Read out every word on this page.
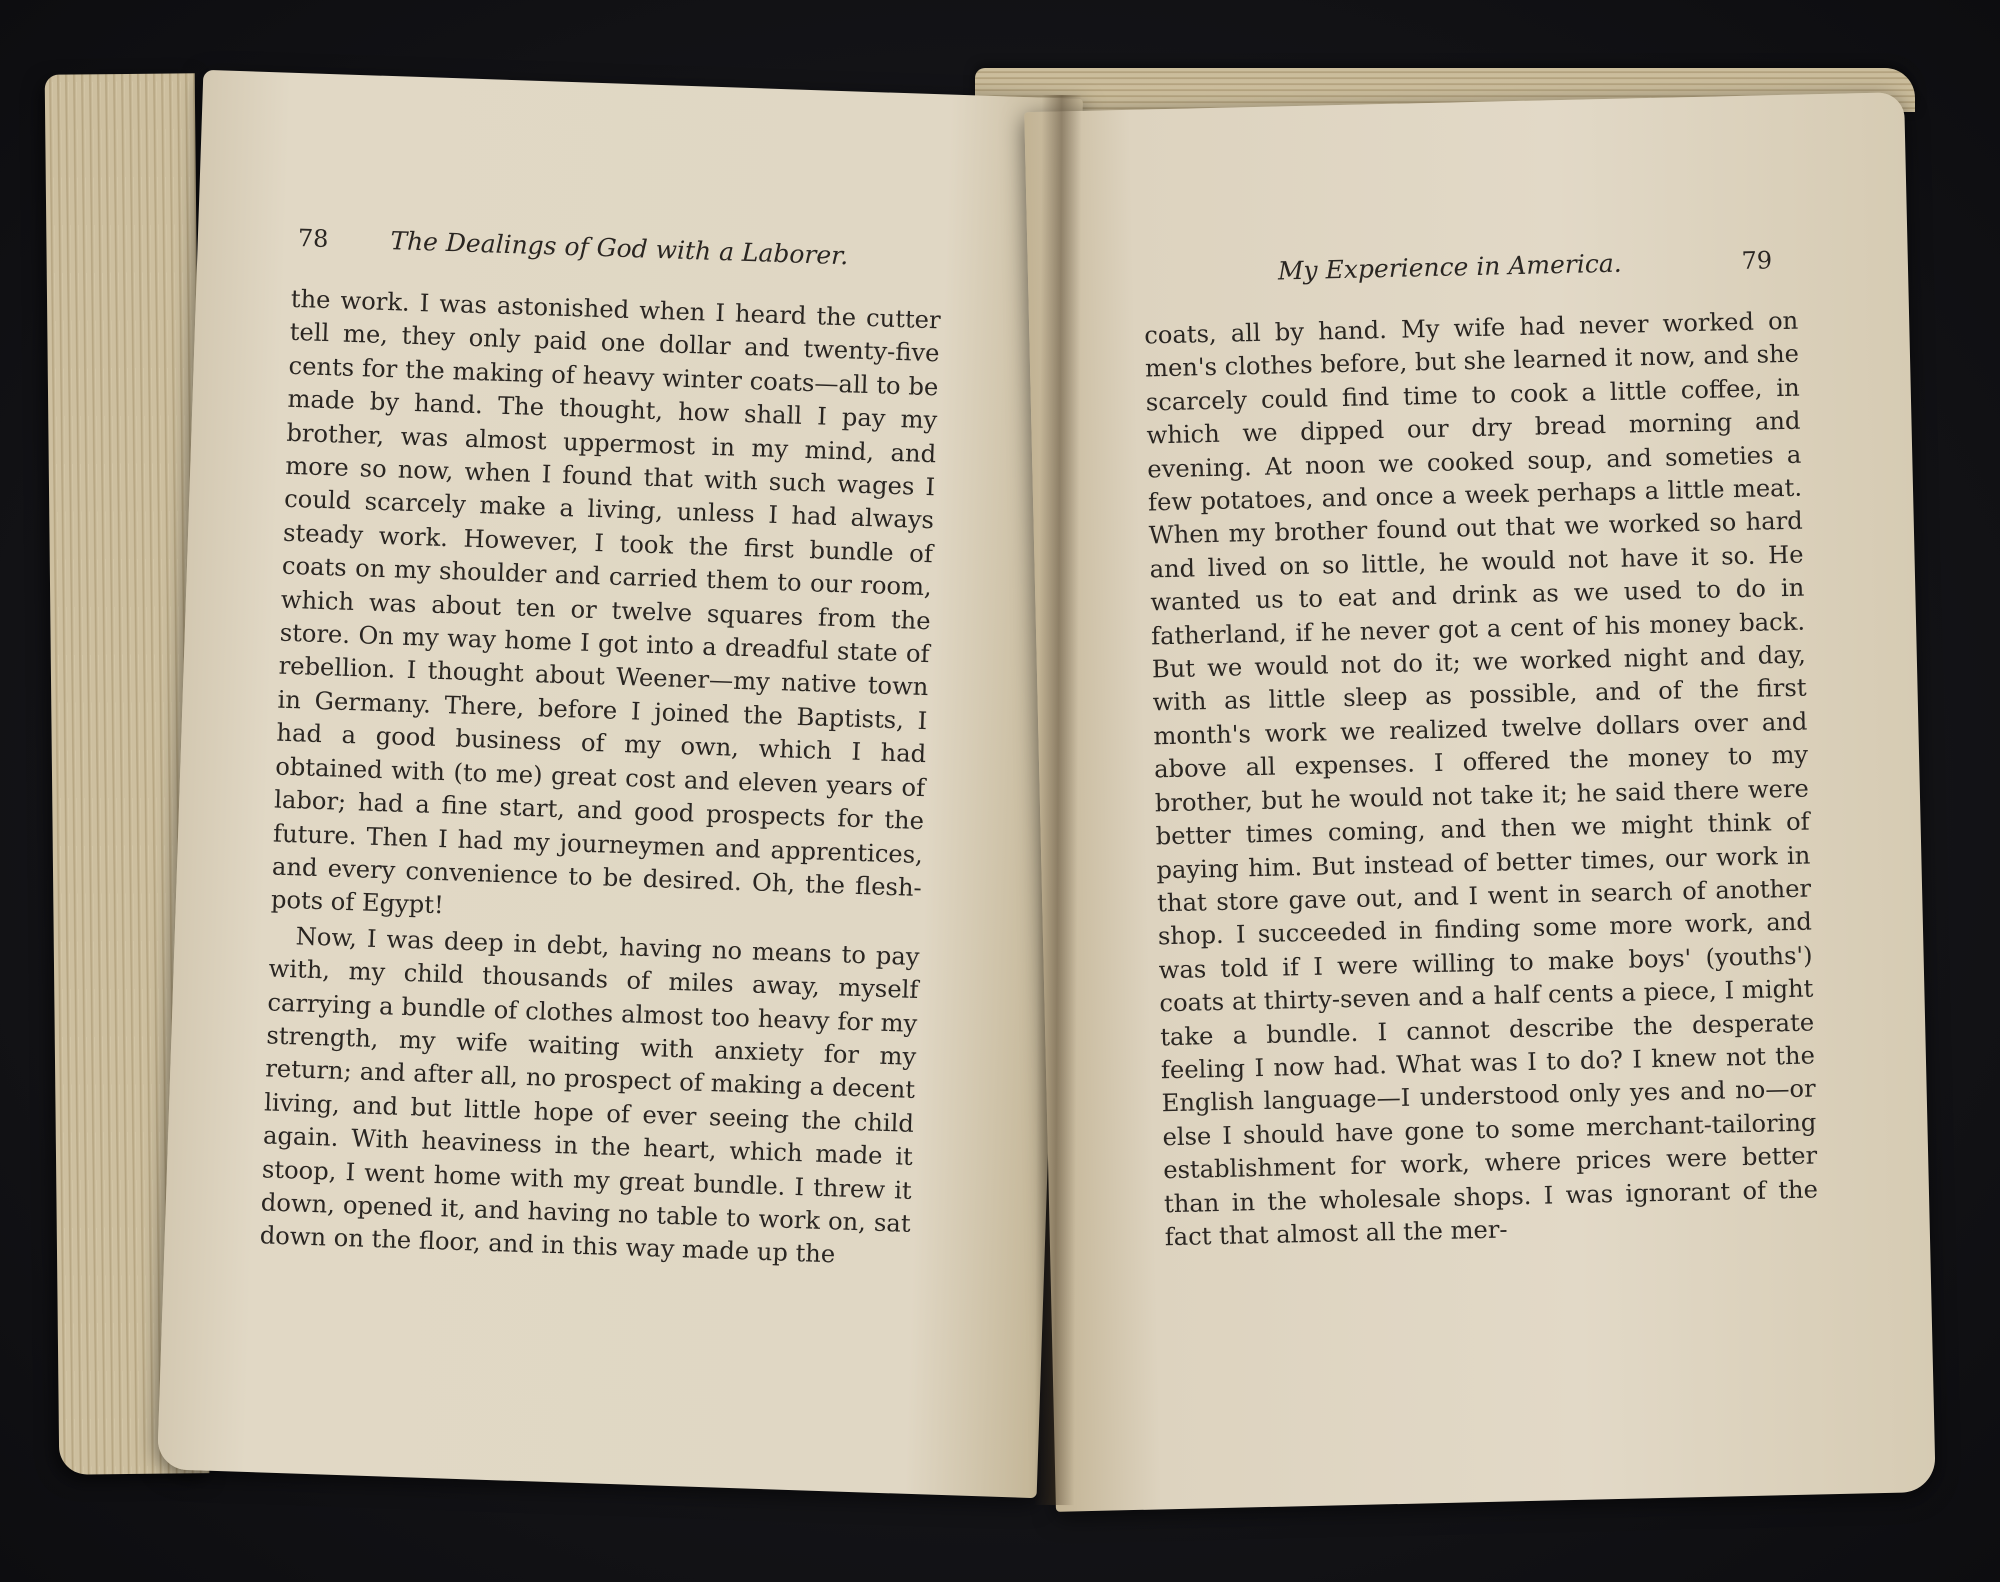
78 The Dealings of God with a Laborer.

the work. I was astonished when I heard the cutter tell me, they only paid one dollar and twenty-five cents for the making of heavy winter coats—all to be made by hand. The thought, how shall I pay my brother, was almost uppermost in my mind, and more so now, when I found that with such wages I could scarcely make a living, unless I had always steady work. However, I took the first bundle of coats on my shoulder and carried them to our room, which was about ten or twelve squares from the store. On my way home I got into a dreadful state of rebellion. I thought about Weener—my native town in Germany. There, before I joined the Baptists, I had a good business of my own, which I had obtained with (to me) great cost and eleven years of labor; had a fine start, and good prospects for the future. Then I had my journeymen and apprentices, and every convenience to be desired. Oh, the flesh-pots of Egypt!

Now, I was deep in debt, having no means to pay with, my child thousands of miles away, myself carrying a bundle of clothes almost too heavy for my strength, my wife waiting with anxiety for my return; and after all, no prospect of making a decent living, and but little hope of ever seeing the child again. With heaviness in the heart, which made it stoop, I went home with my great bundle. I threw it down, opened it, and having no table to work on, sat down on the floor, and in this way made up the

My Experience in America.	79

coats, all by hand. My wife had never worked on men's clothes before, but she learned it now, and she scarcely could find time to cook a little coffee, in which we dipped our dry bread morning and evening. At noon we cooked soup, and someties a few potatoes, and once a week perhaps a little meat. When my brother found out that we worked so hard and lived on so little, he would not have it so. He wanted us to eat and drink as we used to do in fatherland, if he never got a cent of his money back. But we would not do it; we worked night and day, with as little sleep as possible, and of the first month's work we realized twelve dollars over and above all expenses. I offered the money to my brother, but he would not take it; he said there were better times coming, and then we might think of paying him. But instead of better times, our work in that store gave out, and I went in search of another shop. I succeeded in finding some more work, and was told if I were willing to make boys' (youths') coats at thirty-seven and a half cents a piece, I might take a bundle. I cannot describe the desperate feeling I now had. What was I to do? I knew not the English language—I understood only yes and no—or else I should have gone to some merchant-tailoring establishment for work, where prices were better than in the wholesale shops. I was ignorant of the fact that almost all the mer-
